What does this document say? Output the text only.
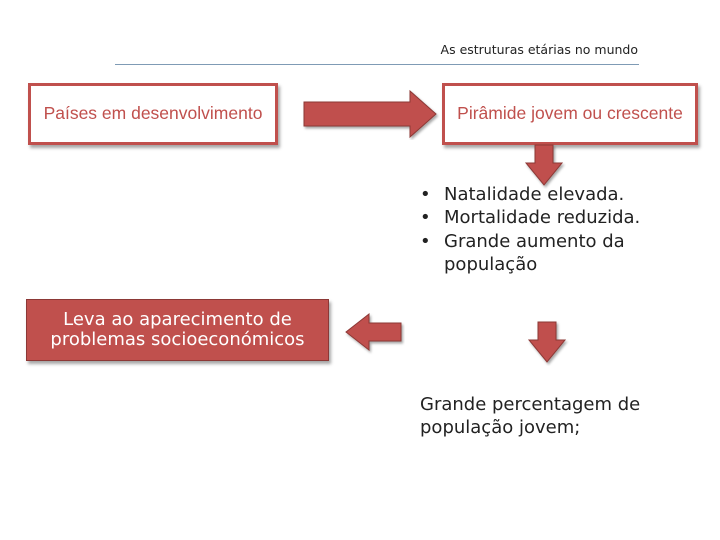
As estruturas etárias no mundo
Países em desenvolvimento	Pirâmide jovem ou crescente
• Natalidade elevada.
• Mortalidade reduzida.
• Grande aumento da população
Leva ao aparecimento de problemas socioeconómicos
Grande percentagem de população jovem;
